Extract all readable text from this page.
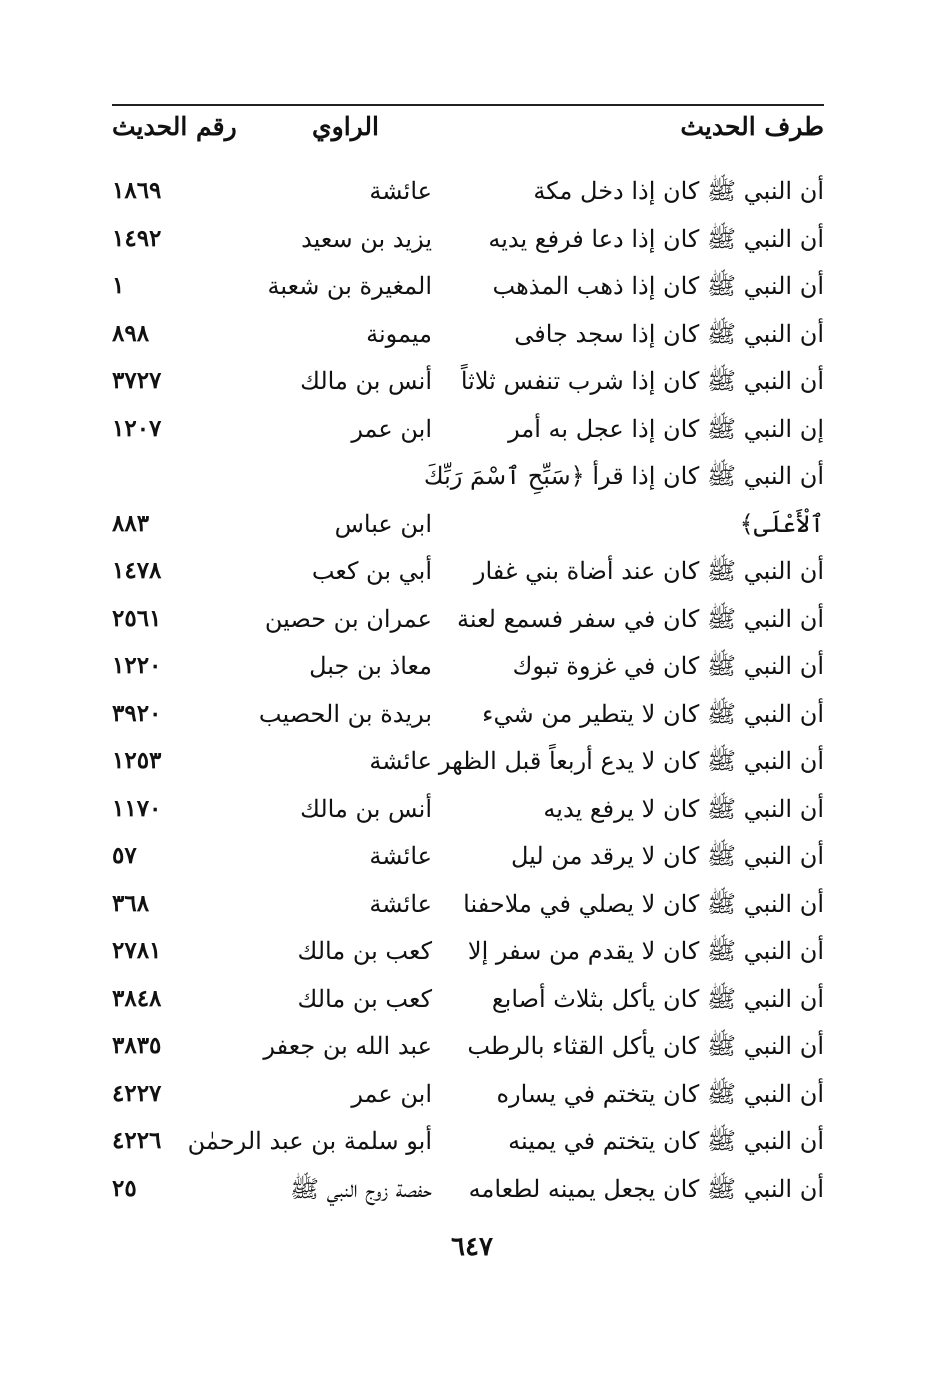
طرف الحديث
الراوي
رقم الحديث
أن النبي ﷺ كان إذا دخل مكة
عائشة
١٨٦٩
أن النبي ﷺ كان إذا دعا فرفع يديه
يزيد بن سعيد
١٤٩٢
أن النبي ﷺ كان إذا ذهب المذهب
المغيرة بن شعبة
١
أن النبي ﷺ كان إذا سجد جافى
ميمونة
٨٩٨
أن النبي ﷺ كان إذا شرب تنفس ثلاثاً
أنس بن مالك
٣٧٢٧
إن النبي ﷺ كان إذا عجل به أمر
ابن عمر
١٢٠٧
أن النبي ﷺ كان إذا قرأ ﴿سَبِّحِ ٱسْمَ رَبِّكَ
ٱلْأَعْلَى﴾
ابن عباس
٨٨٣
أن النبي ﷺ كان عند أضاة بني غفار
أبي بن كعب
١٤٧٨
أن النبي ﷺ كان في سفر فسمع لعنة
عمران بن حصين
٢٥٦١
أن النبي ﷺ كان في غزوة تبوك
معاذ بن جبل
١٢٢٠
أن النبي ﷺ كان لا يتطير من شيء
بريدة بن الحصيب
٣٩٢٠
أن النبي ﷺ كان لا يدع أربعاً قبل الظهر
عائشة
١٢٥٣
أن النبي ﷺ كان لا يرفع يديه
أنس بن مالك
١١٧٠
أن النبي ﷺ كان لا يرقد من ليل
عائشة
٥٧
أن النبي ﷺ كان لا يصلي في ملاحفنا
عائشة
٣٦٨
أن النبي ﷺ كان لا يقدم من سفر إلا
كعب بن مالك
٢٧٨١
أن النبي ﷺ كان يأكل بثلاث أصابع
كعب بن مالك
٣٨٤٨
أن النبي ﷺ كان يأكل القثاء بالرطب
عبد الله بن جعفر
٣٨٣٥
أن النبي ﷺ كان يتختم في يساره
ابن عمر
٤٢٢٧
أن النبي ﷺ كان يتختم في يمينه
أبو سلمة بن عبد الرحمٰن
٤٢٢٦
أن النبي ﷺ كان يجعل يمينه لطعامه
حفصة زوج النبي ﷺ
٢٥
٦٤٧
